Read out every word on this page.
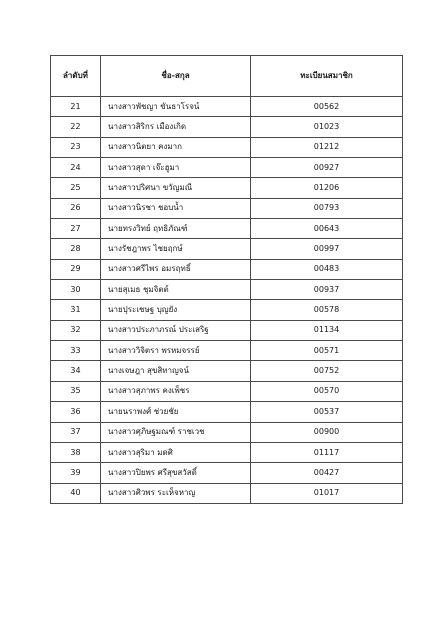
ลำดับที่	ชื่อ-สกุล	ทะเบียนสมาชิก
21	นางสาวพัชญา ขันธาโรจน์	00562
22	นางสาวสิริกร เมืองเกิด	01023
23	นางสาวนิตยา คงมาก	01212
24	นางสาวสุดา เจ๊ะฮูมา	00927
25	นางสาวปริศนา ขวัญมณี	01206
26	นางสาวนิรชา ชอบน้ำ	00793
27	นายทรงวิทย์ ฤทธิภัณฑ์	00643
28	นางรัชฎาพร ไชยฤกษ์	00997
29	นางสาวศรีไพร อมรฤทธิ์	00483
30	นายสุเมธ ชุมจิตต์	00937
31	นายปุระเชษฐ บุญยัง	00578
32	นางสาวประภาภรณ์ ประเสริฐ	01134
33	นางสาววิจิตรา พรหมจรรย์	00571
34	นางเจษฎา สุขสิทาญจน์	00752
35	นางสาวสุภาพร คงเพ็ชร	00570
36	นายนราพงศ์ ช่วยชัย	00537
37	นางสาวศุภิษฐมณฑ์ ราชเวช	00900
38	นางสาวสุริมา มดศิ	01117
39	นางสาวปิยพร ศรีสุขสวัสดิ์	00427
40	นางสาวศิวพร ระเห็จหาญ	01017
